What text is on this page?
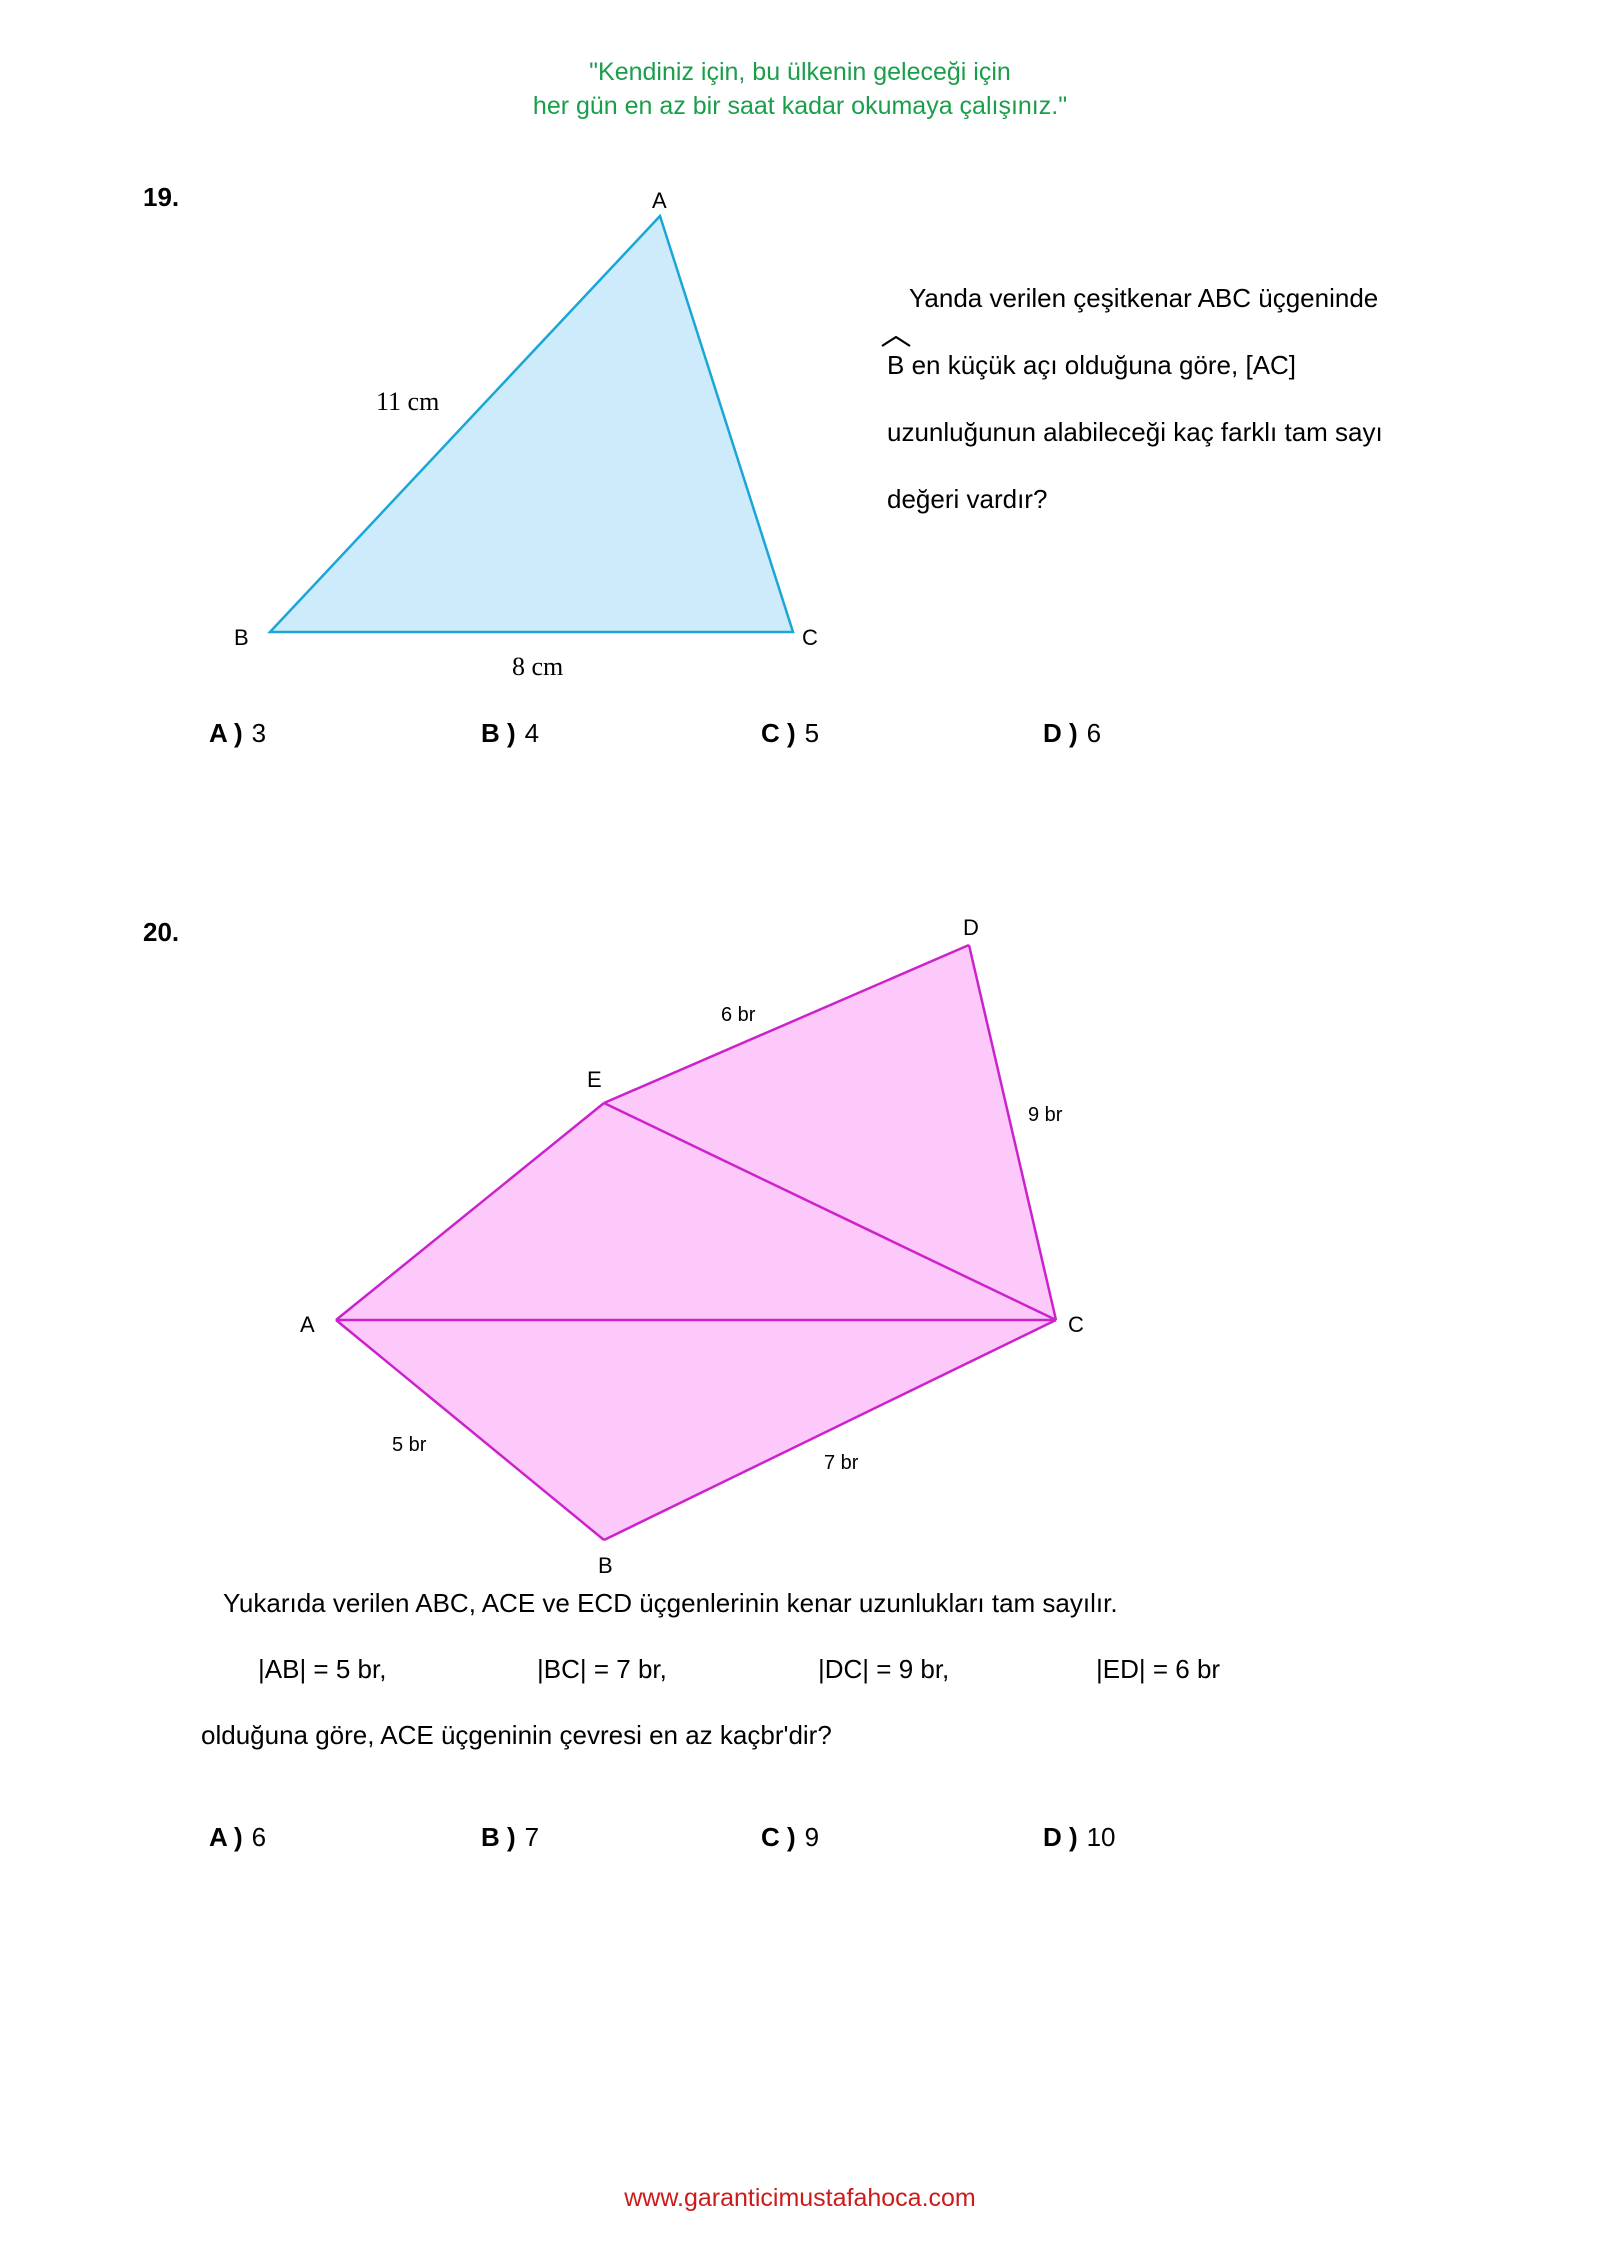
"Kendiniz için, bu ülkenin geleceği için
her gün en az bir saat kadar okumaya çalışınız."
A
B	C
11 cm
8 cm
D
E
A	C
B
6 br
9 br
5 br
7 br
19.
Yanda verilen çeşitkenar ABC üçgeninde
B en küçük açı olduğuna göre, [AC]
uzunluğunun alabileceği kaç farklı tam sayı
değeri vardır?
A ) 3	B ) 4	C ) 5	D ) 6
20.
Yukarıda verilen ABC, ACE ve ECD üçgenlerinin kenar uzunlukları tam sayılır.
|AB| = 5 br,	|BC| = 7 br,	|DC| = 9 br,	|ED| = 6 br
olduğuna göre, ACE üçgeninin çevresi en az kaçbr'dir?
A ) 6	B ) 7	C ) 9	D ) 10
www.garanticimustafahoca.com
